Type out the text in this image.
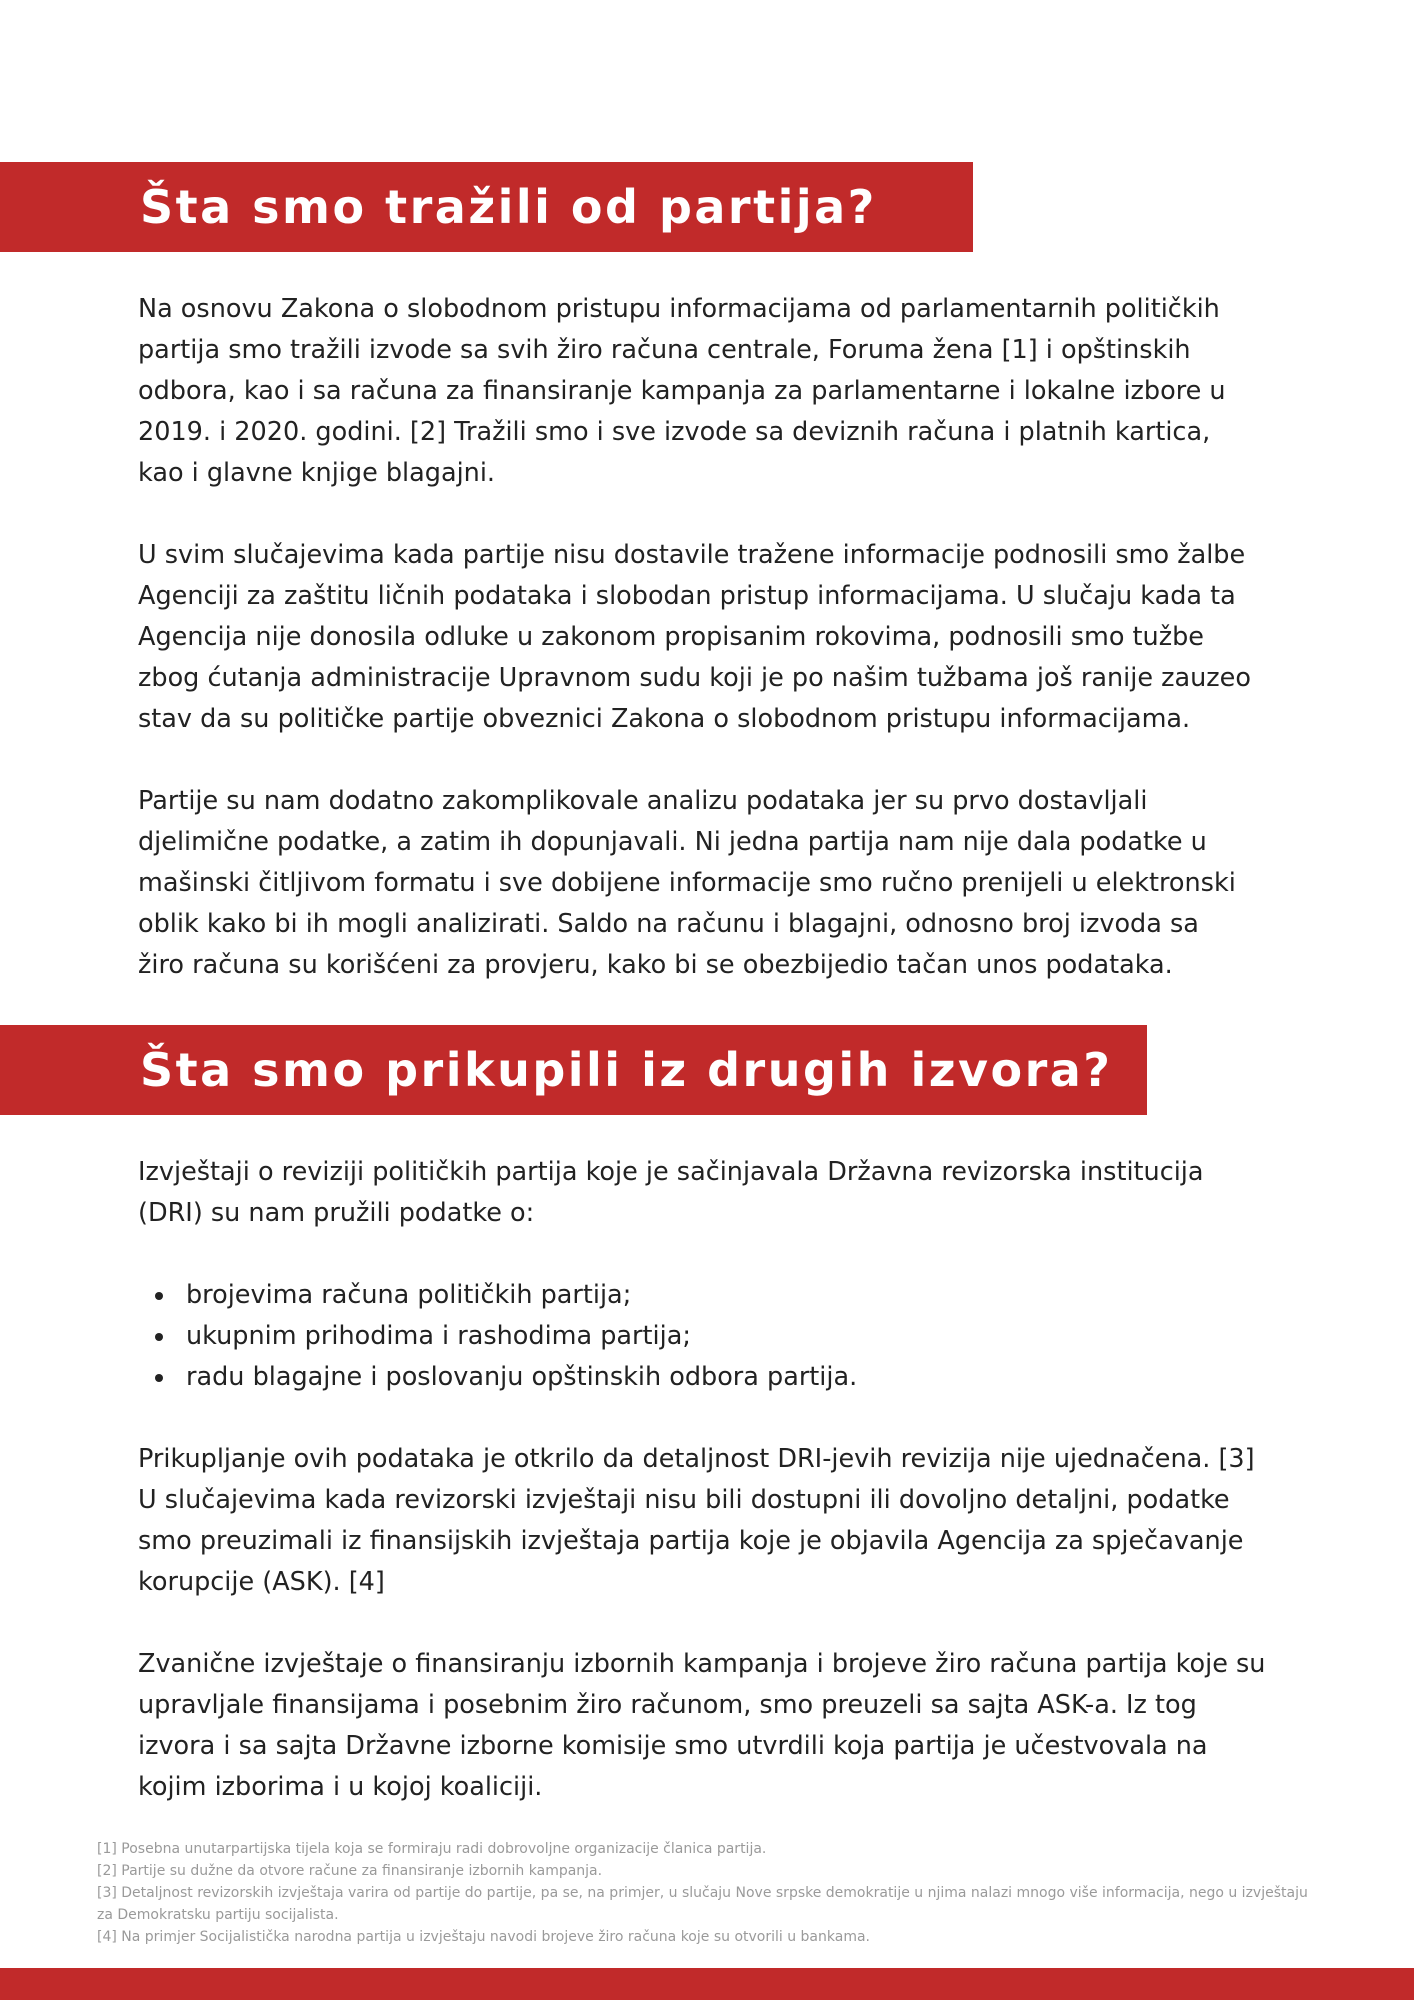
Šta smo tražili od partija?

Na osnovu Zakona o slobodnom pristupu informacijama od parlamentarnih političkih
partija smo tražili izvode sa svih žiro računa centrale, Foruma žena [1] i opštinskih
odbora, kao i sa računa za finansiranje kampanja za parlamentarne i lokalne izbore u
2019. i 2020. godini. [2] Tražili smo i sve izvode sa deviznih računa i platnih kartica,
kao i glavne knjige blagajni.

U svim slučajevima kada partije nisu dostavile tražene informacije podnosili smo žalbe
Agenciji za zaštitu ličnih podataka i slobodan pristup informacijama. U slučaju kada ta
Agencija nije donosila odluke u zakonom propisanim rokovima, podnosili smo tužbe
zbog ćutanja administracije Upravnom sudu koji je po našim tužbama još ranije zauzeo
stav da su političke partije obveznici Zakona o slobodnom pristupu informacijama.

Partije su nam dodatno zakomplikovale analizu podataka jer su prvo dostavljali
djelimične podatke, a zatim ih dopunjavali. Ni jedna partija nam nije dala podatke u
mašinski čitljivom formatu i sve dobijene informacije smo ručno prenijeli u elektronski
oblik kako bi ih mogli analizirati. Saldo na računu i blagajni, odnosno broj izvoda sa
žiro računa su korišćeni za provjeru, kako bi se obezbijedio tačan unos podataka.

Šta smo prikupili iz drugih izvora?

Izvještaji o reviziji političkih partija koje je sačinjavala Državna revizorska institucija
(DRI) su nam pružili podatke o:

brojevima računa političkih partija;
ukupnim prihodima i rashodima partija;
radu blagajne i poslovanju opštinskih odbora partija.

Prikupljanje ovih podataka je otkrilo da detaljnost DRI-jevih revizija nije ujednačena. [3]
U slučajevima kada revizorski izvještaji nisu bili dostupni ili dovoljno detaljni, podatke
smo preuzimali iz finansijskih izvještaja partija koje je objavila Agencija za spječavanje
korupcije (ASK). [4]

Zvanične izvještaje o finansiranju izbornih kampanja i brojeve žiro računa partija koje su
upravljale finansijama i posebnim žiro računom, smo preuzeli sa sajta ASK-a. Iz tog
izvora i sa sajta Državne izborne komisije smo utvrdili koja partija je učestvovala na
kojim izborima i u kojoj koaliciji.

[1] Posebna unutarpartijska tijela koja se formiraju radi dobrovoljne organizacije članica partija.
[2] Partije su dužne da otvore račune za finansiranje izbornih kampanja.
[3] Detaljnost revizorskih izvještaja varira od partije do partije, pa se, na primjer, u slučaju Nove srpske demokratije u njima nalazi mnogo više informacija, nego u izvještaju za Demokratsku partiju socijalista.
[4] Na primjer Socijalistička narodna partija u izvještaju navodi brojeve žiro računa koje su otvorili u bankama.
